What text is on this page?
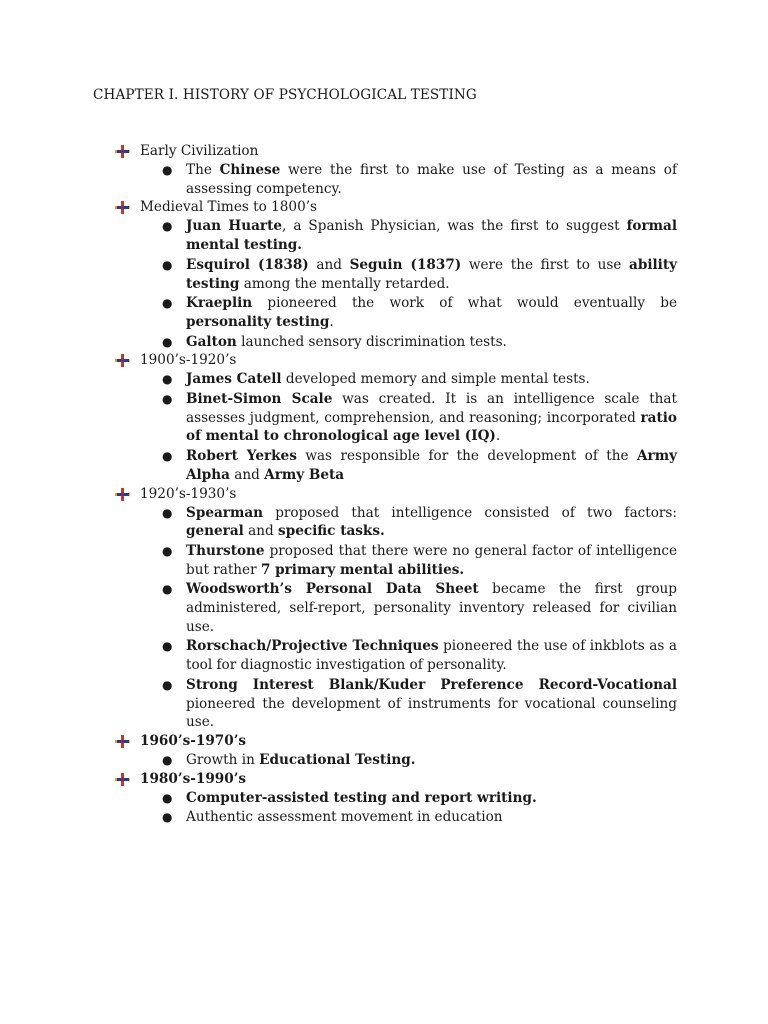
CHAPTER I. HISTORY OF PSYCHOLOGICAL TESTING
Early Civilization
● The Chinese were the first to make use of Testing as a means of assessing competency.
Medieval Times to 1800’s
● Juan Huarte, a Spanish Physician, was the first to suggest formal mental testing.
● Esquirol (1838) and Seguin (1837) were the first to use ability testing among the mentally retarded.
● Kraeplin pioneered the work of what would eventually be personality testing.
● Galton launched sensory discrimination tests.
1900’s-1920’s
● James Catell developed memory and simple mental tests.
● Binet-Simon Scale was created. It is an intelligence scale that assesses judgment, comprehension, and reasoning; incorporated ratio of mental to chronological age level (IQ).
● Robert Yerkes was responsible for the development of the Army Alpha and Army Beta
1920’s-1930’s
● Spearman proposed that intelligence consisted of two factors: general and specific tasks.
● Thurstone proposed that there were no general factor of intelligence but rather 7 primary mental abilities.
● Woodsworth’s Personal Data Sheet became the first group administered, self-report, personality inventory released for civilian use.
● Rorschach/Projective Techniques pioneered the use of inkblots as a tool for diagnostic investigation of personality.
● Strong Interest Blank/Kuder Preference Record-Vocational pioneered the development of instruments for vocational counseling use.
1960’s-1970’s
● Growth in Educational Testing.
1980’s-1990’s
● Computer-assisted testing and report writing.
● Authentic assessment movement in education
